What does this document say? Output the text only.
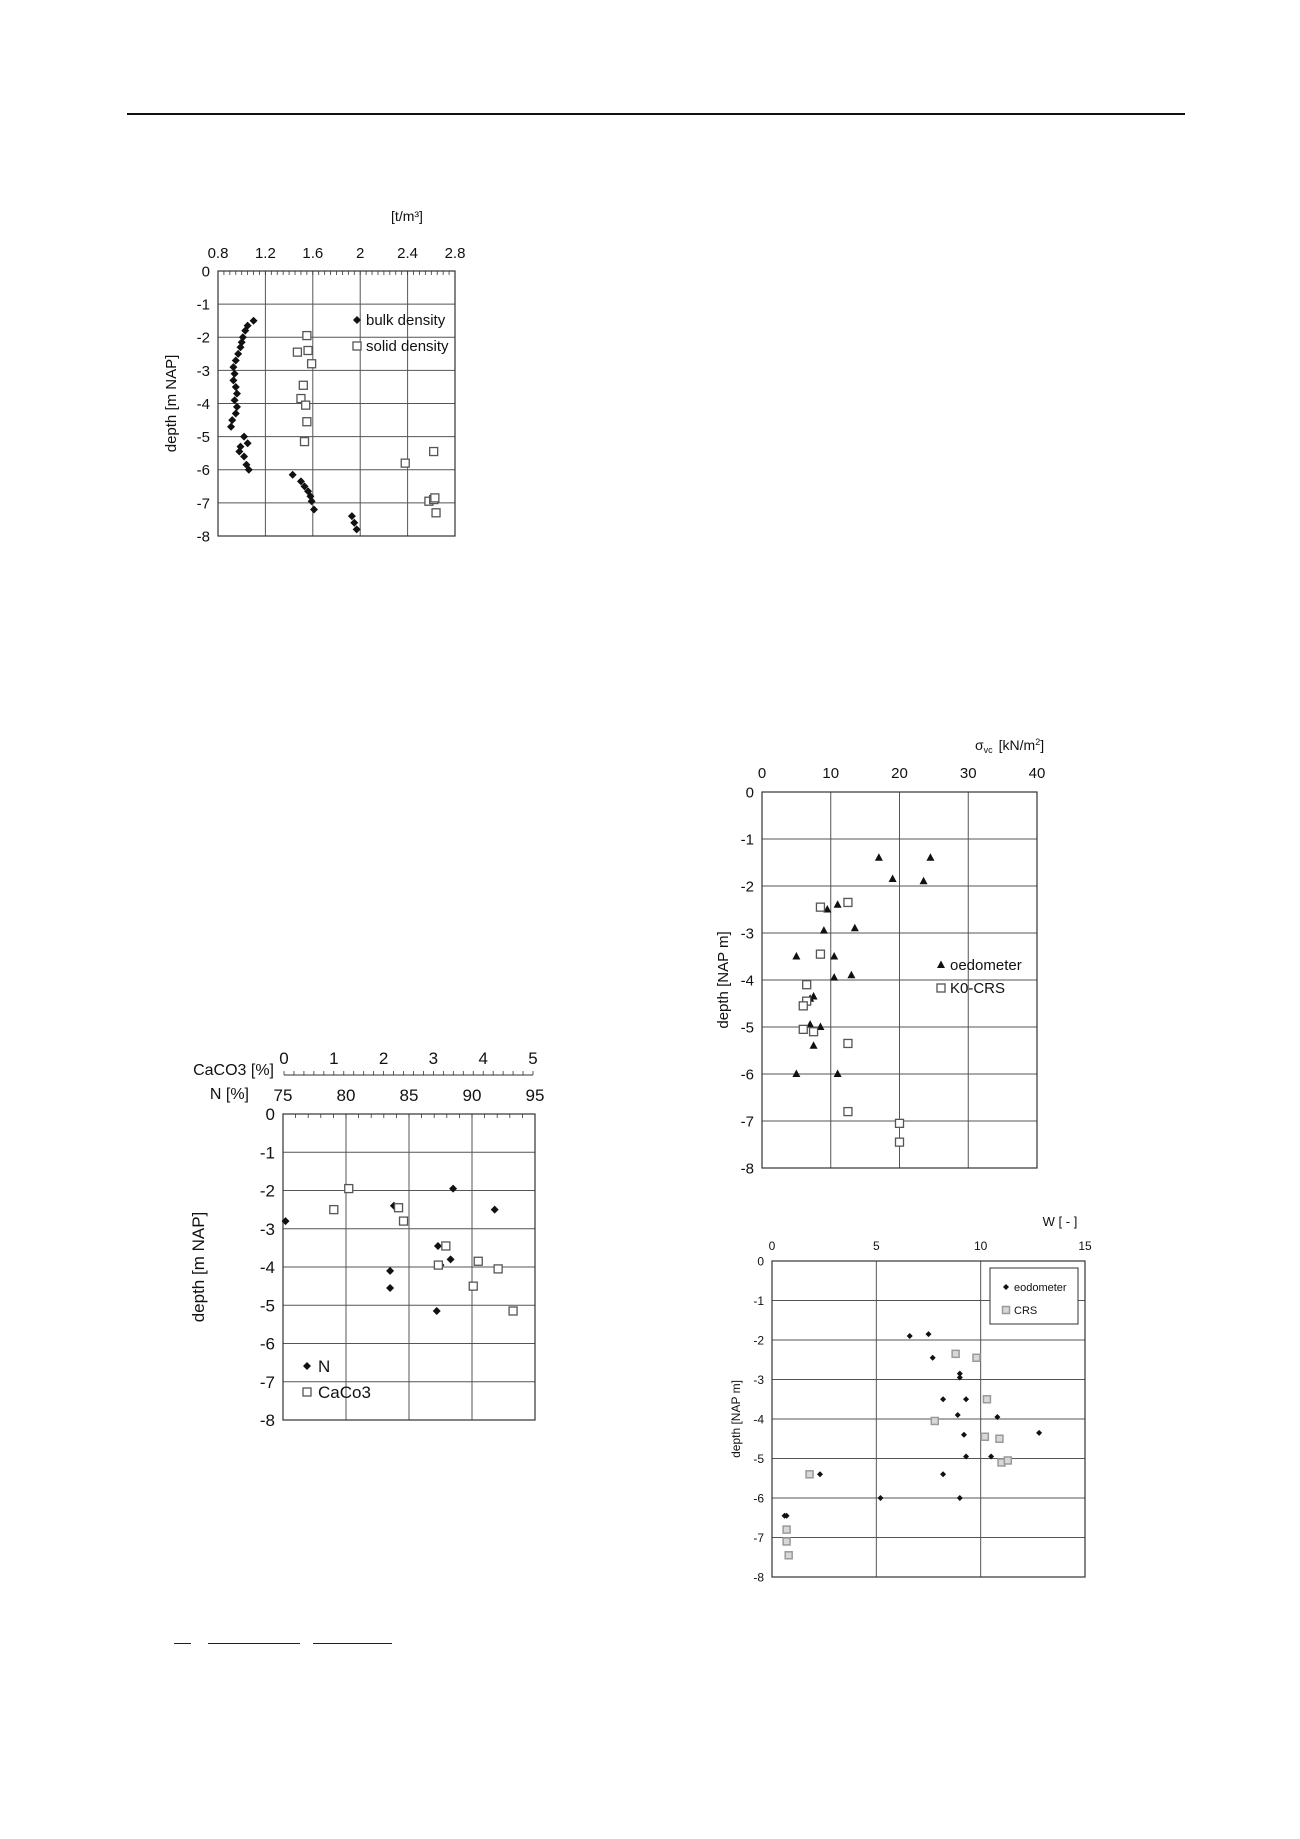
0
-1
-2
-3
-4
-5
-6
-7
-8
0.8 1.2 1.6 2 2.4 2.8
[t/m³]
depth [m NAP]
bulk density
solid density
0
-1
-2
-3
-4
-5
-6
-7
-8
75	80	85	90	95
0 1 2 3 4 5
CaCO3 [%]
N [%]
depth [m NAP]
N
CaCo3
0
-1
-2
-3
-4
-5
-6
-7
-8
0	10	20	30	40
$\sigma_{vc}$ $[kN/m^2]$
depth [NAP m]	oedometer
K0-CRS
0
-1
-2
-3
-4
-5
-6
-7
-8
0	5	10	15
W [ - ]
depth [NAP m]
eodometer
CRS
